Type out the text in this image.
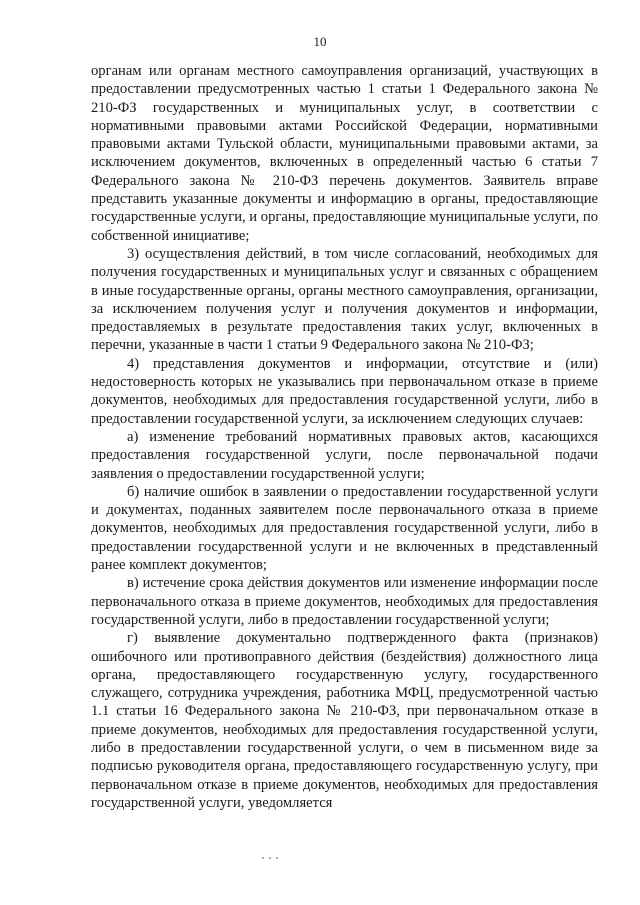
10

органам или органам местного самоуправления организаций, участвующих в предоставлении предусмотренных частью 1 статьи 1 Федерального закона № 210-ФЗ государственных и муниципальных услуг, в соответствии с нормативными правовыми актами Российской Федерации, нормативными правовыми актами Тульской области, муниципальными правовыми актами, за исключением документов, включенных в определенный частью 6 статьи 7 Федерального закона № 210-ФЗ перечень документов. Заявитель вправе представить указанные документы и информацию в органы, предоставляющие государственные услуги, и органы, предоставляющие муниципальные услуги, по собственной инициативе;

3) осуществления действий, в том числе согласований, необходимых для получения государственных и муниципальных услуг и связанных с обращением в иные государственные органы, органы местного самоуправления, организации, за исключением получения услуг и получения документов и информации, предоставляемых в результате предоставления таких услуг, включенных в перечни, указанные в части 1 статьи 9 Федерального закона № 210-ФЗ;

4) представления документов и информации, отсутствие и (или) недостоверность которых не указывались при первоначальном отказе в приеме документов, необходимых для предоставления государственной услуги, либо в предоставлении государственной услуги, за исключением следующих случаев:

а) изменение требований нормативных правовых актов, касающихся предоставления государственной услуги, после первоначальной подачи заявления о предоставлении государственной услуги;

б) наличие ошибок в заявлении о предоставлении государственной услуги и документах, поданных заявителем после первоначального отказа в приеме документов, необходимых для предоставления государственной услуги, либо в предоставлении государственной услуги и не включенных в представленный ранее комплект документов;

в) истечение срока действия документов или изменение информации после первоначального отказа в приеме документов, необходимых для предоставления государственной услуги, либо в предоставлении государственной услуги;

г) выявление документально подтвержденного факта (признаков) ошибочного или противоправного действия (бездействия) должностного лица органа, предоставляющего государственную услугу, государственного служащего, сотрудника учреждения, работника МФЦ, предусмотренной частью 1.1 статьи 16 Федерального закона № 210-ФЗ, при первоначальном отказе в приеме документов, необходимых для предоставления государственной услуги, либо в предоставлении государственной услуги, о чем в письменном виде за подписью руководителя органа, предоставляющего государственную услугу, при первоначальном отказе в приеме документов, необходимых для предоставления государственной услуги, уведомляется
